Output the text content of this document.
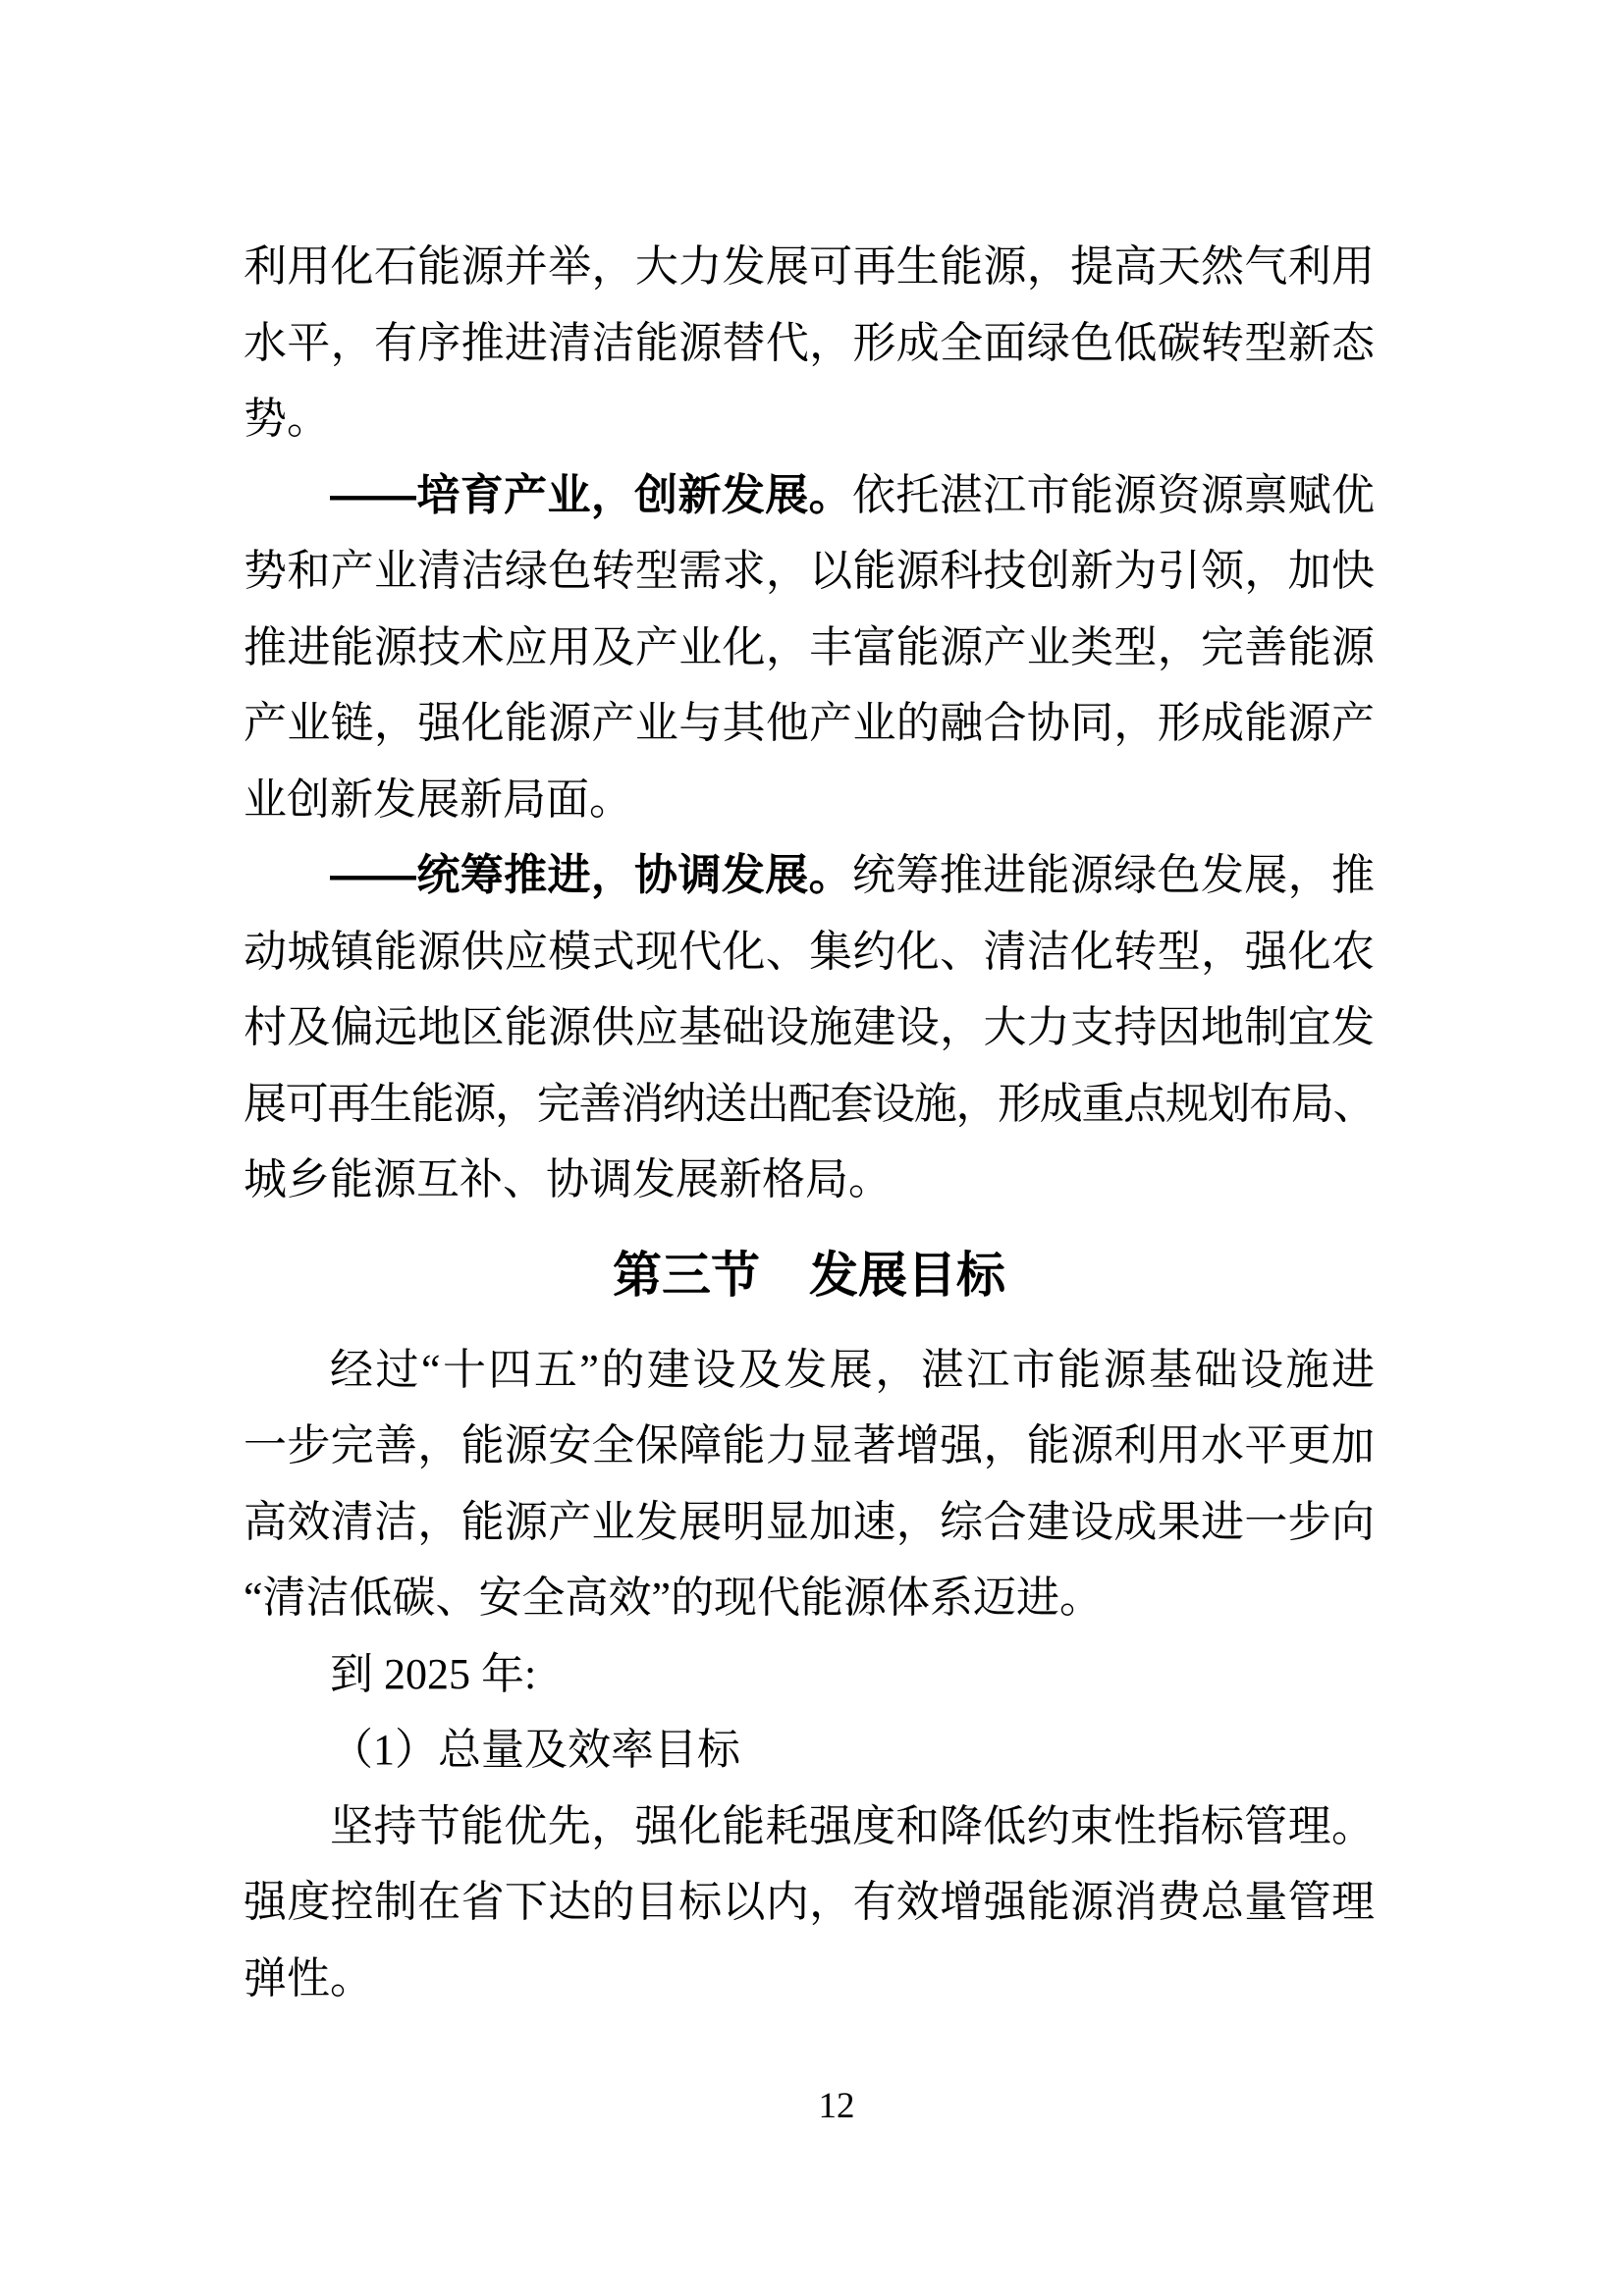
利用化石能源并举，大力发展可再生能源，提高天然气利用
水平，有序推进清洁能源替代，形成全面绿色低碳转型新态
势。
——培育产业，创新发展。依托湛江市能源资源禀赋优
势和产业清洁绿色转型需求，以能源科技创新为引领，加快
推进能源技术应用及产业化，丰富能源产业类型，完善能源
产业链，强化能源产业与其他产业的融合协同，形成能源产
业创新发展新局面。
——统筹推进，协调发展。统筹推进能源绿色发展，推
动城镇能源供应模式现代化、集约化、清洁化转型，强化农
村及偏远地区能源供应基础设施建设，大力支持因地制宜发
展可再生能源，完善消纳送出配套设施，形成重点规划布局、
城乡能源互补、协调发展新格局。
第三节　发展目标
经过“十四五”的建设及发展，湛江市能源基础设施进
一步完善，能源安全保障能力显著增强，能源利用水平更加
高效清洁，能源产业发展明显加速，综合建设成果进一步向
“清洁低碳、安全高效”的现代能源体系迈进。
到 2025 年:
（1）总量及效率目标
坚持节能优先，强化能耗强度和降低约束性指标管理。
强度控制在省下达的目标以内，有效增强能源消费总量管理
弹性。
12
